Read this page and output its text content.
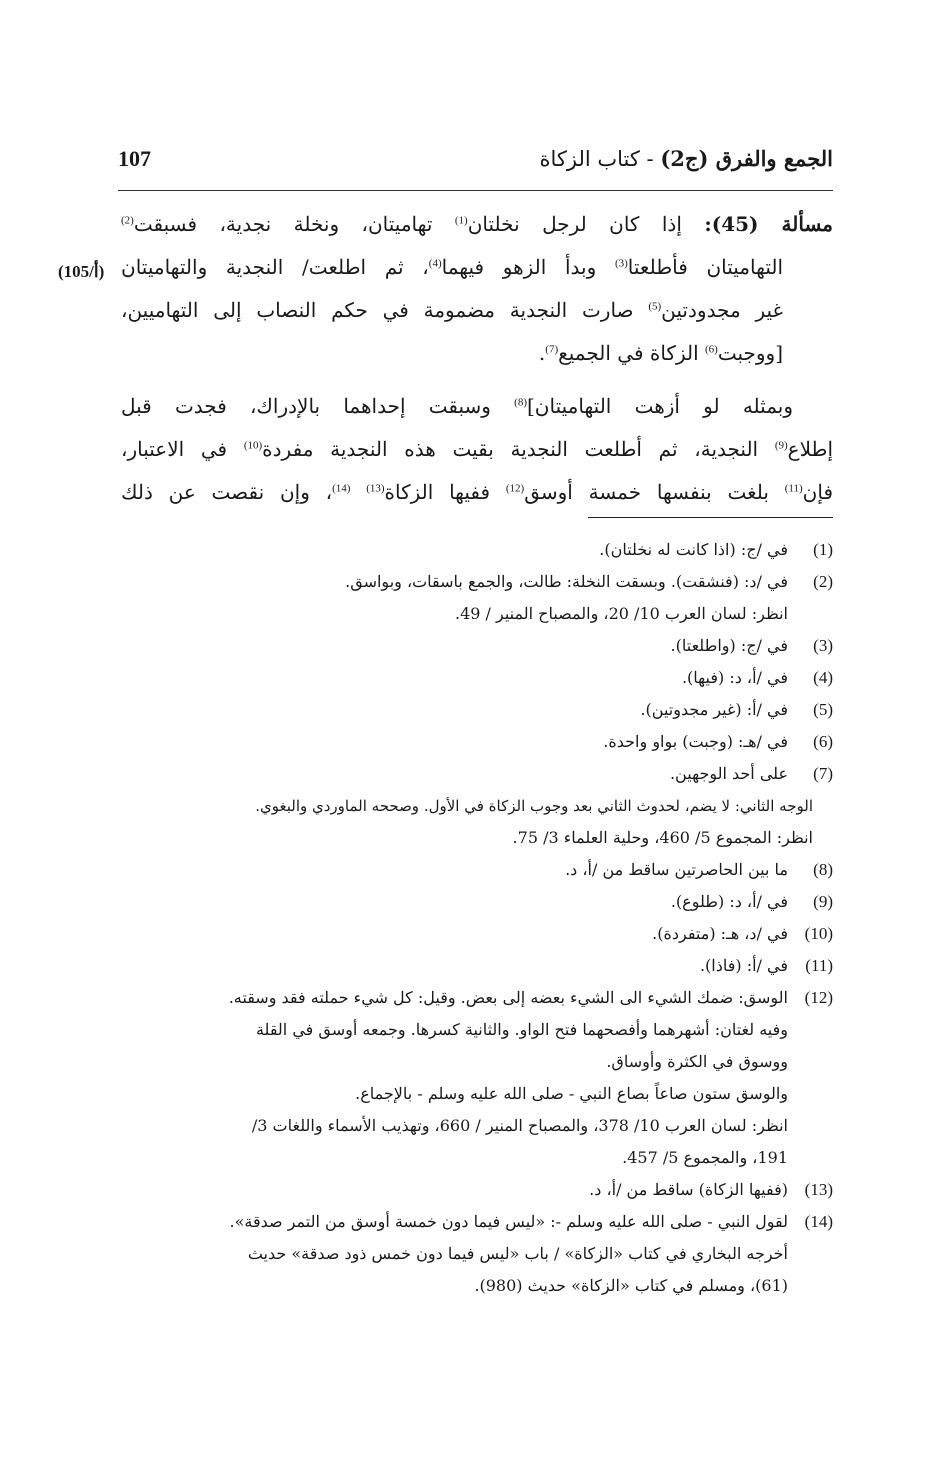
الجمع والفرق (ج2) - كتاب الزكاة
107
(105/أ)
مسألة (45): إذا كان لرجل نخلتان$^{(1)}$ تهاميتان، ونخلة نجدية، فسبقت$^{(2)}$
التهاميتان فأطلعتا$^{(3)}$ وبدأ الزهو فيهما$^{(4)}$، ثم اطلعت/ النجدية والتهاميتان
غير مجدودتين$^{(5)}$ صارت النجدية مضمومة في حكم النصاب إلى التهاميين،
[ووجبت$^{(6)}$ الزكاة في الجميع$^{(7)}$.
وبمثله لو أزهت التهاميتان]$^{(8)}$ وسبقت إحداهما بالإدراك، فجدت قبل
إطلاع$^{(9)}$ النجدية، ثم أطلعت النجدية بقيت هذه النجدية مفردة$^{(10)}$ في الاعتبار،
فإن$^{(11)}$ بلغت بنفسها خمسة أوسق$^{(12)}$ ففيها الزكاة$^{(13)}$ $^{(14)}$، وإن نقصت عن ذلك
(1)
في /ج: (اذا كانت له نخلتان).
(2)
في /د: (فنشقت). وبسقت النخلة: طالت، والجمع باسقات، وبواسق.
انظر: لسان العرب 10/ 20، والمصباح المنير / 49.
(3)
في /ج: (واطلعتا).
(4)
في /أ، د: (فيها).
(5)
في /أ: (غير مجدوتين).
(6)
في /هـ: (وجبت) بواو واحدة.
(7)
على أحد الوجهين.
الوجه الثاني: لا يضم، لحدوث الثاني بعد وجوب الزكاة في الأول. وصححه الماوردي والبغوي.
انظر: المجموع 5/ 460، وحلية العلماء 3/ 75.
(8)
ما بين الحاصرتين ساقط من /أ، د.
(9)
في /أ، د: (طلوع).
(10)
في /د، هـ: (متفردة).
(11)
في /أ: (فاذا).
(12)
الوسق: ضمك الشيء الى الشيء بعضه إلى بعض. وقيل: كل شيء حملته فقد وسقته.
وفيه لغتان: أشهرهما وأفصحهما فتح الواو. والثانية كسرها. وجمعه أوسق في القلة
ووسوق في الكثرة وأوساق.
والوسق ستون صاعاً بصاع النبي - صلى الله عليه وسلم - بالإجماع.
انظر: لسان العرب 10/ 378، والمصباح المنير / 660، وتهذيب الأسماء واللغات 3/
191، والمجموع 5/ 457.
(13)
(ففيها الزكاة) ساقط من /أ، د.
(14)
لقول النبي - صلى الله عليه وسلم -: «ليس فيما دون خمسة أوسق من التمر صدقة».
أخرجه البخاري في كتاب «الزكاة» / باب «ليس فيما دون خمس ذود صدقة» حديث
(61)، ومسلم في كتاب «الزكاة» حديث (980).
